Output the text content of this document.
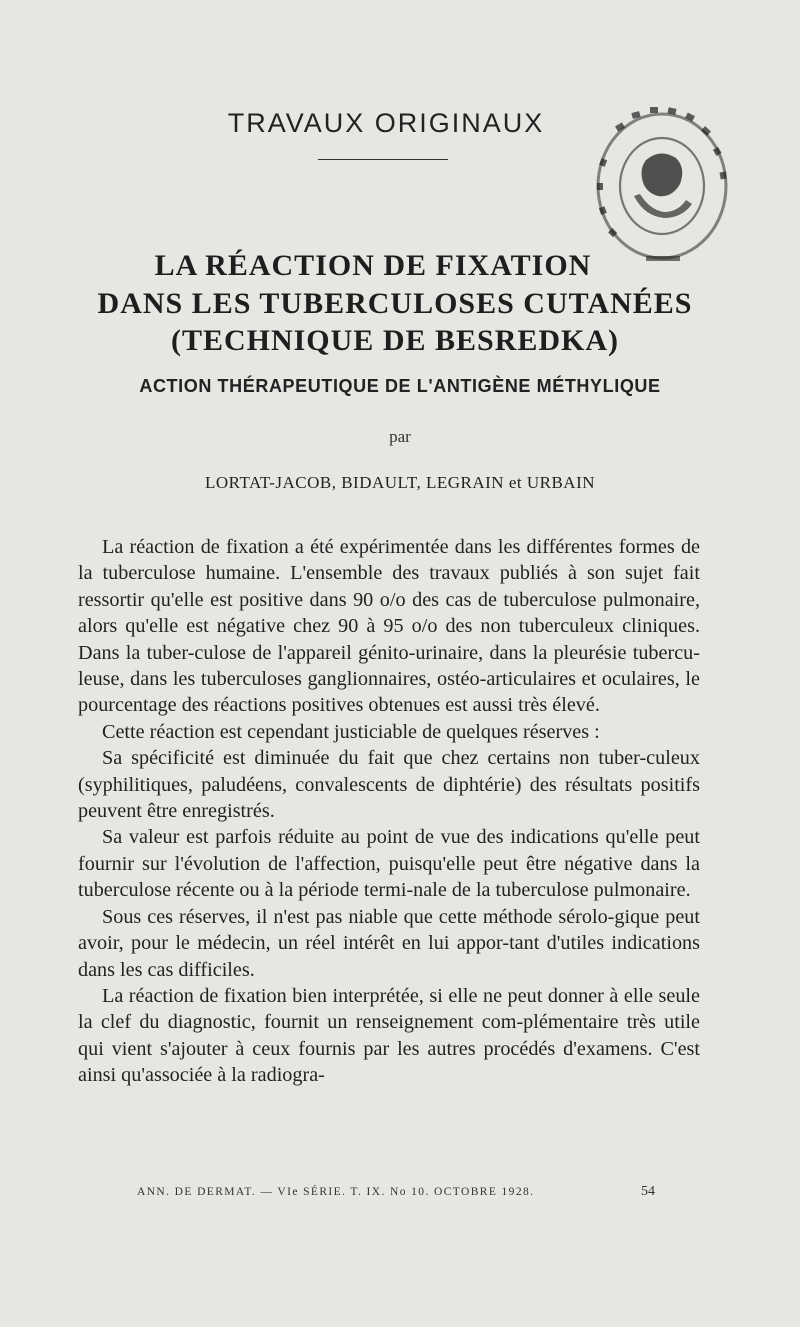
TRAVAUX ORIGINAUX
LA RÉACTION DE FIXATION
DANS LES TUBERCULOSES CUTANÉES
(TECHNIQUE DE BESREDKA)
ACTION THÉRAPEUTIQUE DE L'ANTIGÈNE MÉTHYLIQUE
par
LORTAT-JACOB, BIDAULT, LEGRAIN et URBAIN

La réaction de fixation a été expérimentée dans les différentes formes de la tuberculose humaine. L'ensemble des travaux publiés à son sujet fait ressortir qu'elle est positive dans 90 o/o des cas de tuberculose pulmonaire, alors qu'elle est négative chez 90 à 95 o/o des non tuberculeux cliniques. Dans la tuber-culose de l'appareil génito-urinaire, dans la pleurésie tubercu-leuse, dans les tuberculoses ganglionnaires, ostéo-articulaires et oculaires, le pourcentage des réactions positives obtenues est aussi très élevé.

Cette réaction est cependant justiciable de quelques réserves :

Sa spécificité est diminuée du fait que chez certains non tuber-culeux (syphilitiques, paludéens, convalescents de diphtérie) des résultats positifs peuvent être enregistrés.

Sa valeur est parfois réduite au point de vue des indications qu'elle peut fournir sur l'évolution de l'affection, puisqu'elle peut être négative dans la tuberculose récente ou à la période termi-nale de la tuberculose pulmonaire.

Sous ces réserves, il n'est pas niable que cette méthode sérolo-gique peut avoir, pour le médecin, un réel intérêt en lui appor-tant d'utiles indications dans les cas difficiles.

La réaction de fixation bien interprétée, si elle ne peut donner à elle seule la clef du diagnostic, fournit un renseignement com-plémentaire très utile qui vient s'ajouter à ceux fournis par les autres procédés d'examens. C'est ainsi qu'associée à la radiogra-

ANN. DE DERMAT. — VIe SÉRIE. T. IX. No 10. OCTOBRE 1928.	54
